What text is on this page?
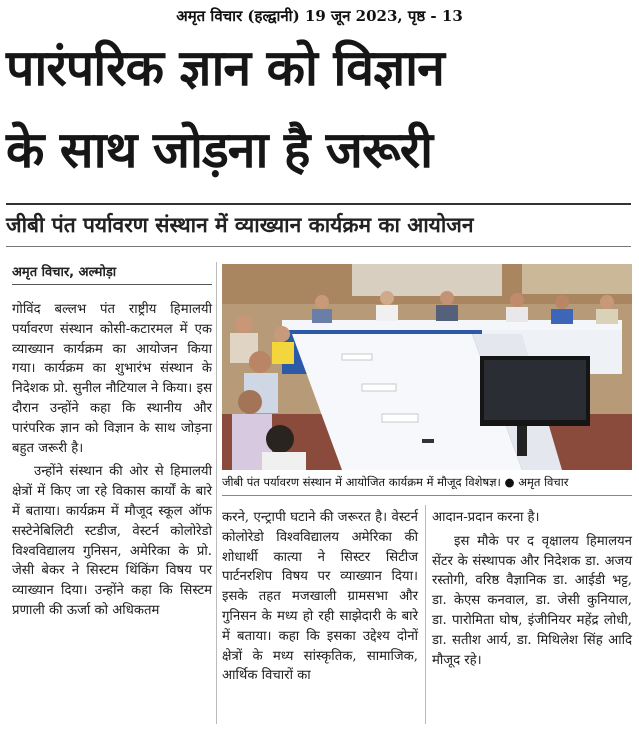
अमृत विचार (हल्द्वानी) 19 जून 2023, पृष्ठ - 13
पारंपरिक ज्ञान को विज्ञान
के साथ जोड़ना है जरूरी
जीबी पंत पर्यावरण संस्थान में व्याख्यान कार्यक्रम का आयोजन
अमृत विचार, अल्मोड़ा
जीबी पंत पर्यावरण संस्थान में आयोजित कार्यक्रम में मौजूद विशेषज्ञ। ● अमृत विचार

गोविंद बल्लभ पंत राष्ट्रीय हिमालयी पर्यावरण संस्थान कोसी-कटारमल में एक व्याख्यान कार्यक्रम का आयोजन किया गया। कार्यक्रम का शुभारंभ संस्थान के निदेशक प्रो. सुनील नौटियाल ने किया। इस दौरान उन्होंने कहा कि स्थानीय और पारंपरिक ज्ञान को विज्ञान के साथ जोड़ना बहुत जरूरी है।

उन्होंने संस्थान की ओर से हिमालयी क्षेत्रों में किए जा रहे विकास कार्यों के बारे में बताया। कार्यक्रम में मौजूद स्कूल ऑफ सस्टेनेबिलिटी स्टडीज, वेस्टर्न कोलोरेडो विश्वविद्यालय गुनिसन, अमेरिका के प्रो. जेसी बेकर ने सिस्टम थिंकिंग विषय पर व्याख्यान दिया। उन्होंने कहा कि सिस्टम प्रणाली की ऊर्जा को अधिकतम

करने, एन्ट्रापी घटाने की जरूरत है। वेस्टर्न कोलोरेडो विश्वविद्यालय अमेरिका की शोधार्थी कात्या ने सिस्टर सिटीज पार्टनरशिप विषय पर व्याख्यान दिया। इसके तहत मजखाली ग्रामसभा और गुनिसन के मध्य हो रही साझेदारी के बारे में बताया। कहा कि इसका उद्देश्य दोनों क्षेत्रों के मध्य सांस्कृतिक, सामाजिक, आर्थिक विचारों का

आदान-प्रदान करना है।

इस मौके पर द वृक्षालय हिमालयन सेंटर के संस्थापक और निदेशक डा. अजय रस्तोगी, वरिष्ठ वैज्ञानिक डा. आईडी भट्ट, डा. केएस कनवाल, डा. जेसी कुनियाल, डा. पारोमिता घोष, इंजीनियर महेंद्र लोधी, डा. सतीश आर्य, डा. मिथिलेश सिंह आदि मौजूद रहे।
